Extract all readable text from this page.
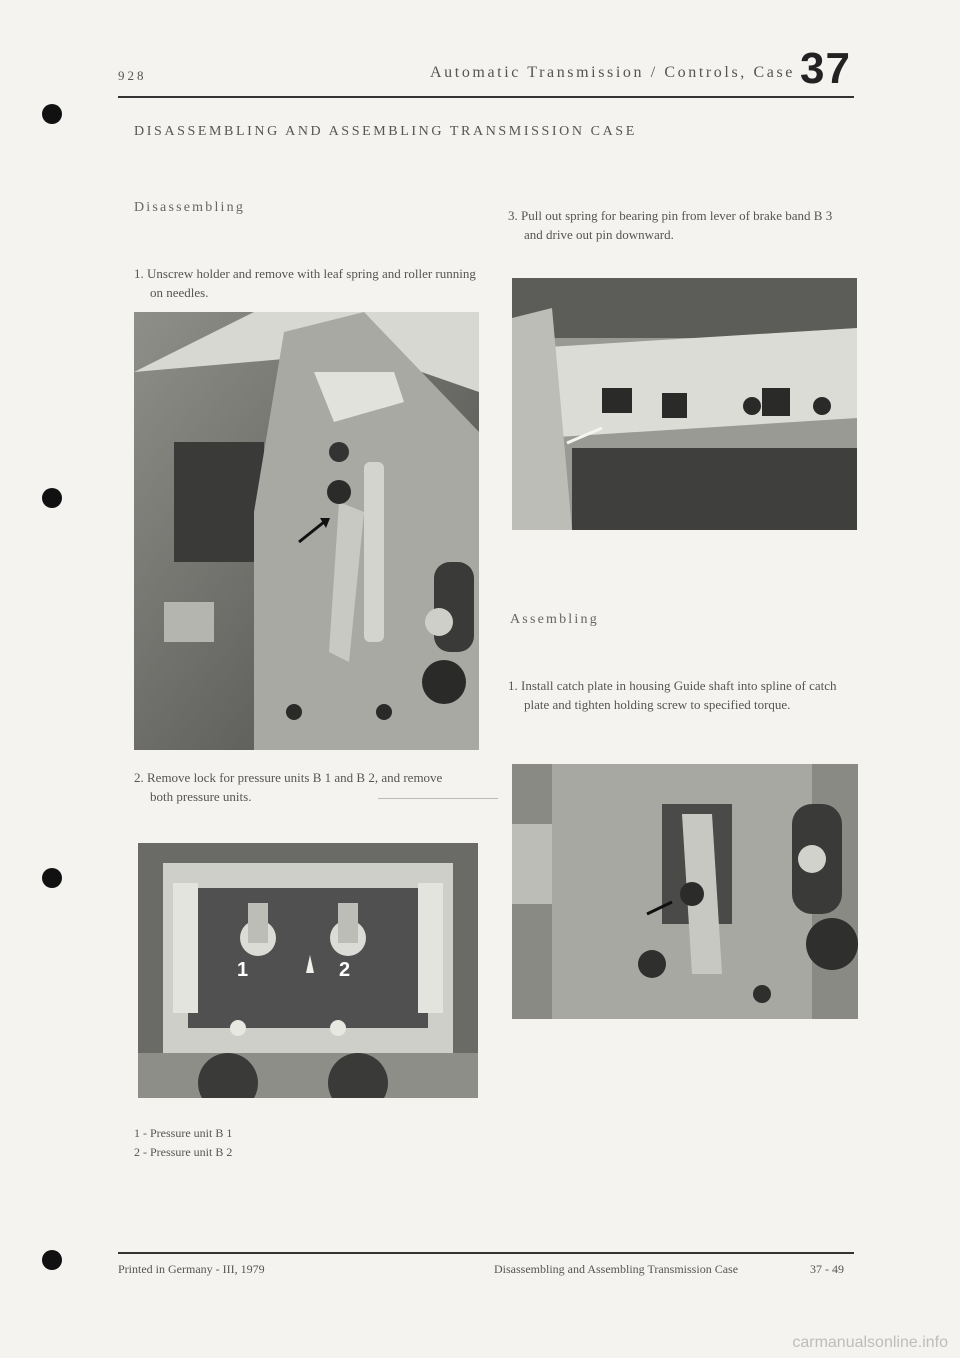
928	Automatic Transmission / Controls, Case 37
DISASSEMBLING AND ASSEMBLING TRANSMISSION CASE
Disassembling
1. Unscrew holder and remove with leaf spring and roller running on needles.
2. Remove lock for pressure units B 1 and B 2, and remove both pressure units.
1	2
1 - Pressure unit B 1
2 - Pressure unit B 2
3. Pull out spring for bearing pin from lever of brake band B 3 and drive out pin downward.
Assembling
1. Install catch plate in housing Guide shaft into spline of catch plate and tighten holding screw to specified torque.
Printed in Germany - III, 1979	Disassembling and Assembling Transmission Case	37 - 49
carmanualsonline.info
